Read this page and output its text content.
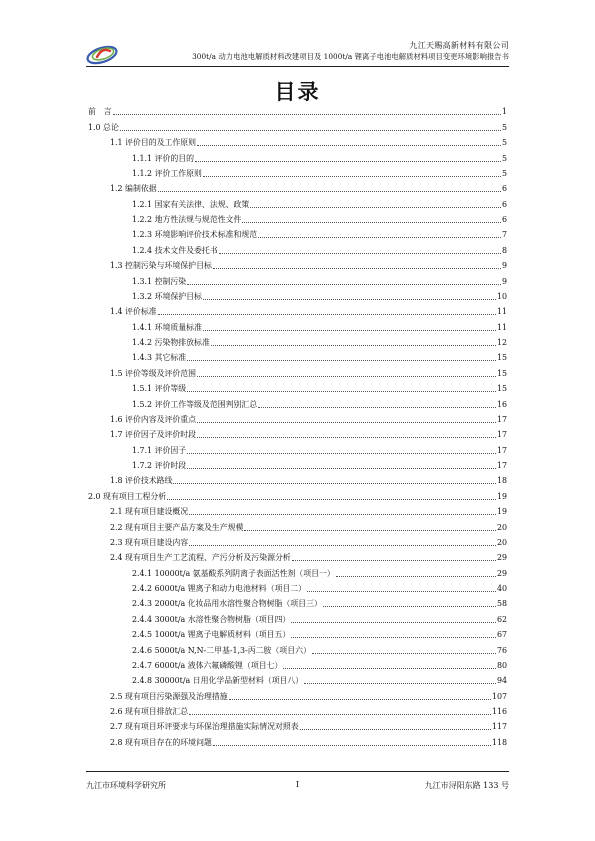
九江天赐高新材料有限公司
300t/a 动力电池电解质材料改建项目及 1000t/a 锂离子电池电解质材料项目变更环境影响报告书
目录
前　言	1
1.0 总论	5
1.1 评价目的及工作原则	5
1.1.1 评价的目的	5
1.1.2 评价工作原则	5
1.2 编制依据	6
1.2.1 国家有关法律、法规、政策	6
1.2.2 地方性法规与规范性文件	6
1.2.3 环境影响评价技术标准和规范	7
1.2.4 技术文件及委托书	8
1.3 控制污染与环境保护目标	9
1.3.1 控制污染	9
1.3.2 环境保护目标	10
1.4 评价标准	11
1.4.1 环境质量标准	11
1.4.2 污染物排放标准	12
1.4.3 其它标准	15
1.5 评价等级及评价范围	15
1.5.1 评价等级	15
1.5.2 评价工作等级及范围判别汇总	16
1.6 评价内容及评价重点	17
1.7 评价因子及评价时段	17
1.7.1 评价因子	17
1.7.2 评价时段	17
1.8 评价技术路线	18
2.0 现有项目工程分析	19
2.1 现有项目建设概况	19
2.2 现有项目主要产品方案及生产规模	20
2.3 现有项目建设内容	20
2.4 现有项目生产工艺流程、产污分析及污染源分析	29
2.4.1 10000t/a 氨基酸系列阴离子表面活性剂（项目一）	29
2.4.2 6000t/a 锂离子和动力电池材料（项目二）	40
2.4.3 2000t/a 化妆品用水溶性聚合物树脂（项目三）	58
2.4.4 3000t/a 水溶性聚合物树脂（项目四）	62
2.4.5 1000t/a 锂离子电解质材料（项目五）	67
2.4.6 5000t/a N,N-二甲基-1,3-丙二胺（项目六）	76
2.4.7 6000t/a 液体六氟磷酸锂（项目七）	80
2.4.8 30000t/a 日用化学品新型材料（项目八）	94
2.5 现有项目污染源强及治理措施	107
2.6 现有项目排放汇总	116
2.7 现有项目环评要求与环保治理措施实际情况对照表	117
2.8 现有项目存在的环境问题	118
九江市环境科学研究所	I	九江市浔阳东路 133 号
